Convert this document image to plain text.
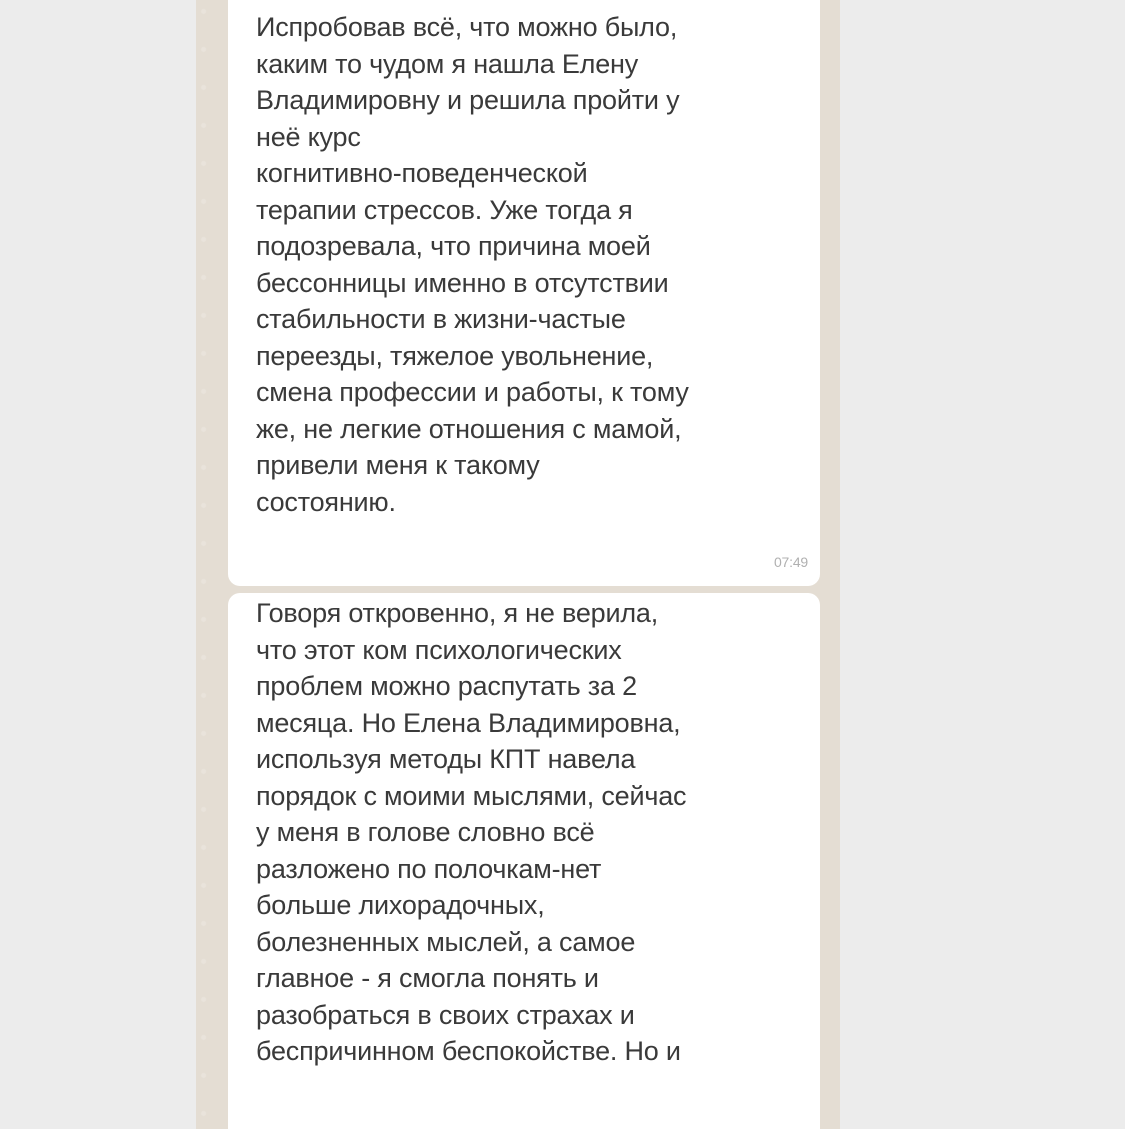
Испробовав всё, что можно было,
каким то чудом я нашла Елену
Владимировну и решила пройти у
неё курс
когнитивно-поведенческой
терапии стрессов. Уже тогда я
подозревала, что причина моей
бессонницы именно в отсутствии
стабильности в жизни-частые
переезды, тяжелое увольнение,
смена профессии и работы, к тому
же, не легкие отношения с мамой,
привели меня к такому
состоянию.

07:49

Говоря откровенно, я не верила,
что этот ком психологических
проблем можно распутать за 2
месяца. Но Елена Владимировна,
используя методы КПТ навела
порядок с моими мыслями, сейчас
у меня в голове словно всё
разложено по полочкам-нет
больше лихорадочных,
болезненных мыслей, а самое
главное - я смогла понять и
разобраться в своих страхах и
беспричинном беспокойстве. Но и
